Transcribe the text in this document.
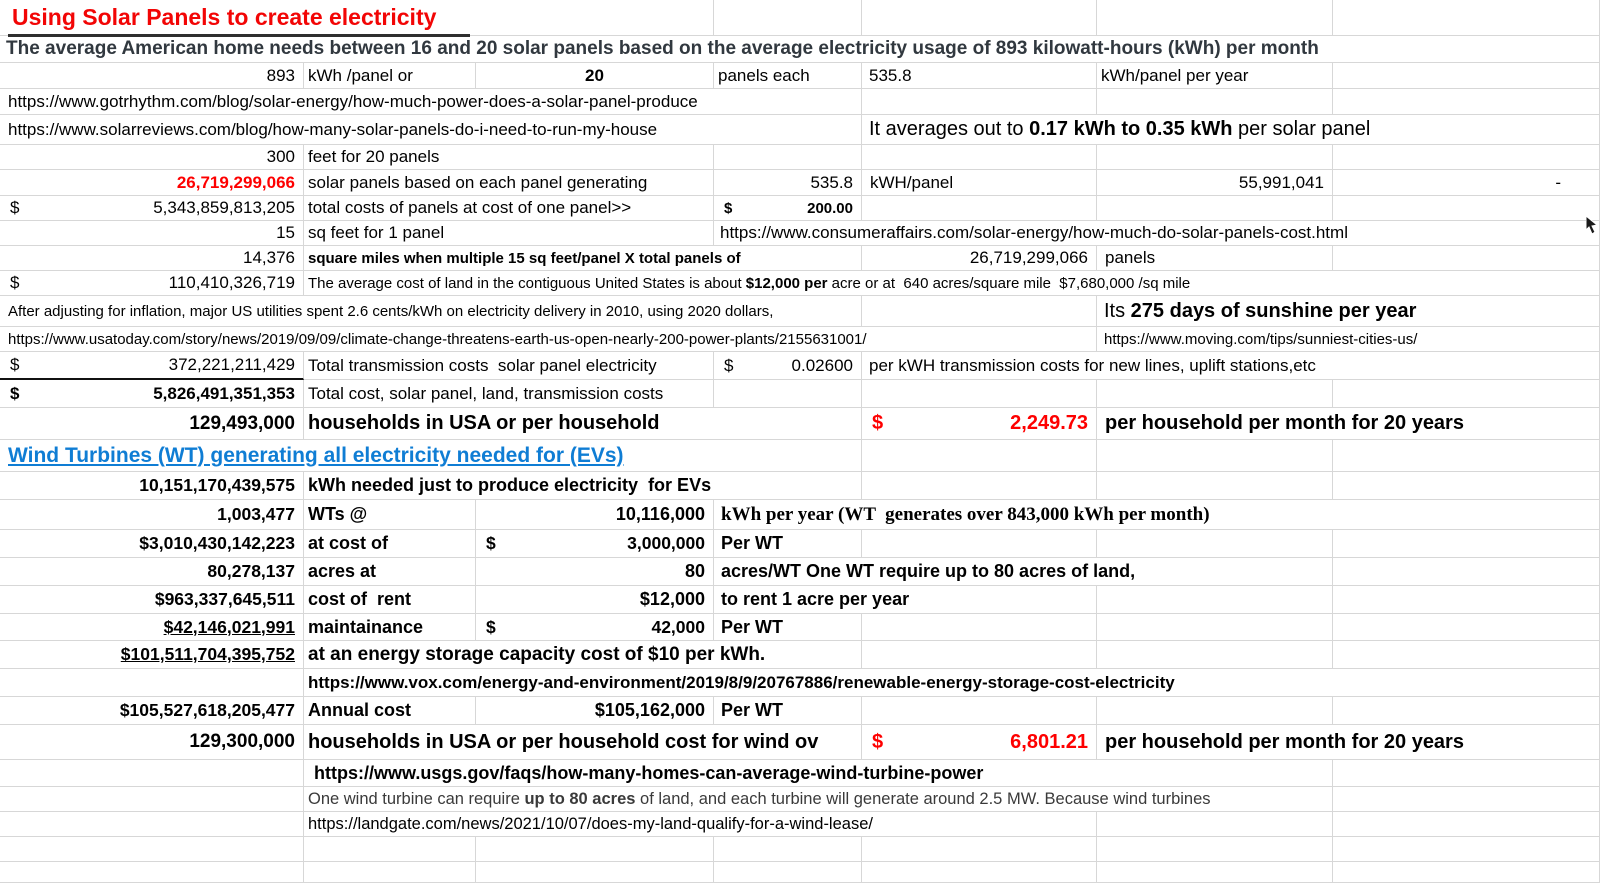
Using Solar Panels to create electricity
The average American home needs between 16 and 20 solar panels based on the average electricity usage of 893 kilowatt-hours (kWh) per month
893 kWh /panel or	20	panels each	535.8	kWh/panel per year
https://www.gotrhythm.com/blog/solar-energy/how-much-power-does-a-solar-panel-produce
https://www.solarreviews.com/blog/how-many-solar-panels-do-i-need-to-run-my-house	It averages out to 0.17 kWh to 0.35 kWh per solar panel
300 feet for 20 panels
26,719,299,066 solar panels based on each panel generating	535.8 kWH/panel	55,991,041	-
$	5,343,859,813,205 total costs of panels at cost of one panel>>	$	200.00
15 sq feet for 1 panel	https://www.consumeraffairs.com/solar-energy/how-much-do-solar-panels-cost.html
14,376 square miles when multiple 15 sq feet/panel X total panels of	26,719,299,066 panels
$	110,410,326,719 The average cost of land in the contiguous United States is about $12,000 per acre or at  640 acres/square mile  $7,680,000 /sq mile
After adjusting for inflation, major US utilities spent 2.6 cents/kWh on electricity delivery in 2010, using 2020 dollars,	Its 275 days of sunshine per year
https://www.usatoday.com/story/news/2019/09/09/climate-change-threatens-earth-us-open-nearly-200-power-plants/2155631001/	https://www.moving.com/tips/sunniest-cities-us/
$	372,221,211,429 Total transmission costs  solar panel electricity	$	0.02600 per kWH transmission costs for new lines, uplift stations,etc
$	5,826,491,351,353 Total cost, solar panel, land, transmission costs
129,493,000 households in USA or per household	$	2,249.73 per household per month for 20 years
Wind Turbines (WT) generating all electricity needed for (EVs)
10,151,170,439,575 kWh needed just to produce electricity  for EVs
1,003,477 WTs @	10,116,000 kWh per year (WT  generates over 843,000 kWh per month)
$3,010,430,142,223 at cost of	$	3,000,000 Per WT
80,278,137 acres at	80 acres/WT One WT require up to 80 acres of land,
$963,337,645,511 cost of  rent	$12,000 to rent 1 acre per year
$42,146,021,991 maintainance	$	42,000 Per WT
$101,511,704,395,752 at an energy storage capacity cost of $10 per kWh.
https://www.vox.com/energy-and-environment/2019/8/9/20767886/renewable-energy-storage-cost-electricity
$105,527,618,205,477 Annual cost	$105,162,000 Per WT
129,300,000 households in USA or per household cost for wind ov	$	6,801.21 per household per month for 20 years
https://www.usgs.gov/faqs/how-many-homes-can-average-wind-turbine-power
One wind turbine can require up to 80 acres of land, and each turbine will generate around 2.5 MW. Because wind turbines
https://landgate.com/news/2021/10/07/does-my-land-qualify-for-a-wind-lease/
